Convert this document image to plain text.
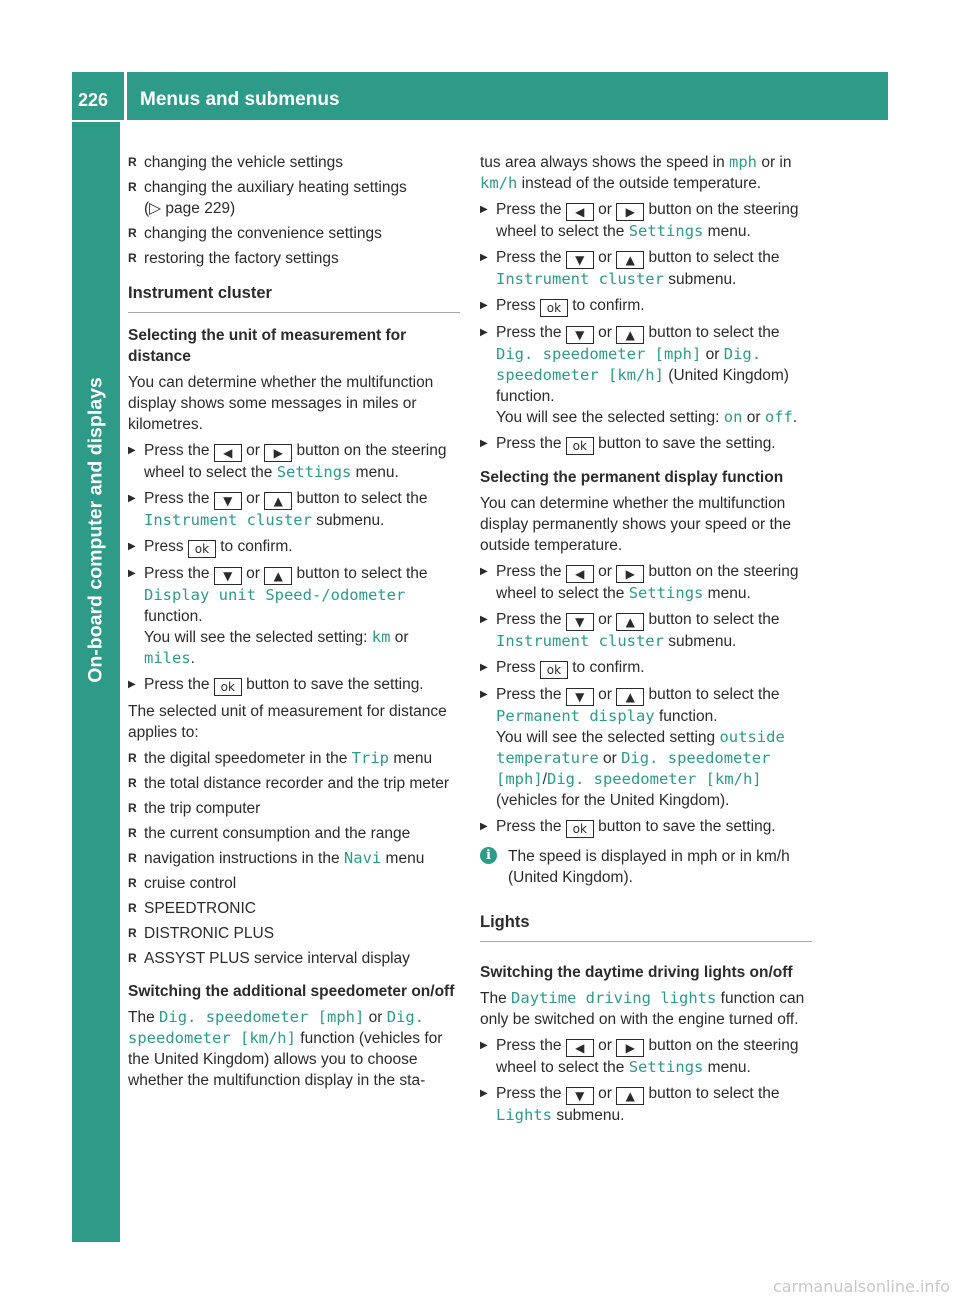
226 Menus and submenus
On-board computer and displays
R changing the vehicle settings
R changing the auxiliary heating settings
(▷ page 229)
R changing the convenience settings
R restoring the factory settings
Instrument cluster
Selecting the unit of measurement for distance

You can determine whether the multifunction display shows some messages in miles or kilometres.

▶ Press the ◀ or ▶ button on the steering wheel to select the Settings menu.
▶ Press the ▼ or ▲ button to select the Instrument cluster submenu.
▶ Press ok to confirm.
▶ Press the ▼ or ▲ button to select the Display unit Speed-/odometer function.
You will see the selected setting: km or miles.
▶ Press the ok button to save the setting.

The selected unit of measurement for distance applies to:

R the digital speedometer in the Trip menu
R the total distance recorder and the trip meter
R the trip computer
R the current consumption and the range
R navigation instructions in the Navi menu
R cruise control
R SPEEDTRONIC
R DISTRONIC PLUS
R ASSYST PLUS service interval display
Switching the additional speedometer on/off

The Dig. speedometer [mph] or Dig. speedometer [km/h] function (vehicles for the United Kingdom) allows you to choose whether the multifunction display in the sta-

tus area always shows the speed in mph or in km/h instead of the outside temperature.

▶ Press the ◀ or ▶ button on the steering wheel to select the Settings menu.
▶ Press the ▼ or ▲ button to select the Instrument cluster submenu.
▶ Press ok to confirm.
▶ Press the ▼ or ▲ button to select the Dig. speedometer [mph] or Dig. speedometer [km/h] (United Kingdom) function.
You will see the selected setting: on or off.
▶ Press the ok button to save the setting.
Selecting the permanent display function

You can determine whether the multifunction display permanently shows your speed or the outside temperature.

▶ Press the ◀ or ▶ button on the steering wheel to select the Settings menu.
▶ Press the ▼ or ▲ button to select the Instrument cluster submenu.
▶ Press ok to confirm.
▶ Press the ▼ or ▲ button to select the Permanent display function.
You will see the selected setting outside temperature or Dig. speedometer [mph]/Dig. speedometer [km/h] (vehicles for the United Kingdom).
▶ Press the ok button to save the setting.
i	The speed is displayed in mph or in km/h (United Kingdom).
Lights
Switching the daytime driving lights on/off

The Daytime driving lights function can only be switched on with the engine turned off.

▶ Press the ◀ or ▶ button on the steering wheel to select the Settings menu.
▶ Press the ▼ or ▲ button to select the Lights submenu.
carmanualsonline.info
